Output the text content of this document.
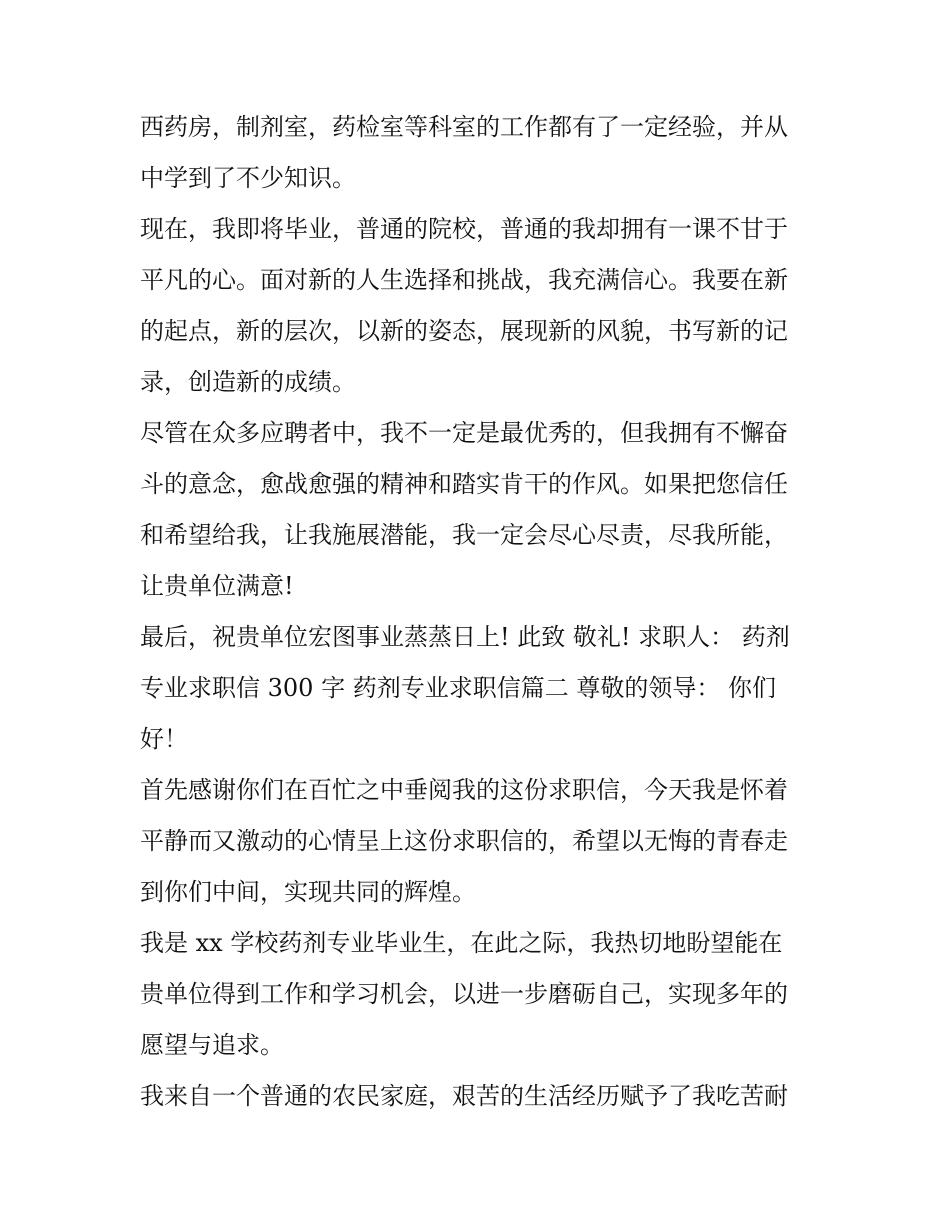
西药房，制剂室，药检室等科室的工作都有了一定经验，并从
中学到了不少知识。
现在，我即将毕业，普通的院校，普通的我却拥有一课不甘于
平凡的心。面对新的人生选择和挑战，我充满信心。我要在新
的起点，新的层次，以新的姿态，展现新的风貌，书写新的记
录，创造新的成绩。
尽管在众多应聘者中，我不一定是最优秀的，但我拥有不懈奋
斗的意念，愈战愈强的精神和踏实肯干的作风。如果把您信任
和希望给我，让我施展潜能，我一定会尽心尽责，尽我所能，
让贵单位满意!
最后，祝贵单位宏图事业蒸蒸日上! 此致 敬礼! 求职人： 药剂
专业求职信 300 字 药剂专业求职信篇二 尊敬的领导： 你们
好！
首先感谢你们在百忙之中垂阅我的这份求职信，今天我是怀着
平静而又激动的心情呈上这份求职信的，希望以无悔的青春走
到你们中间，实现共同的辉煌。
我是 xx 学校药剂专业毕业生，在此之际，我热切地盼望能在
贵单位得到工作和学习机会，以进一步磨砺自己，实现多年的
愿望与追求。
我来自一个普通的农民家庭，艰苦的生活经历赋予了我吃苦耐
